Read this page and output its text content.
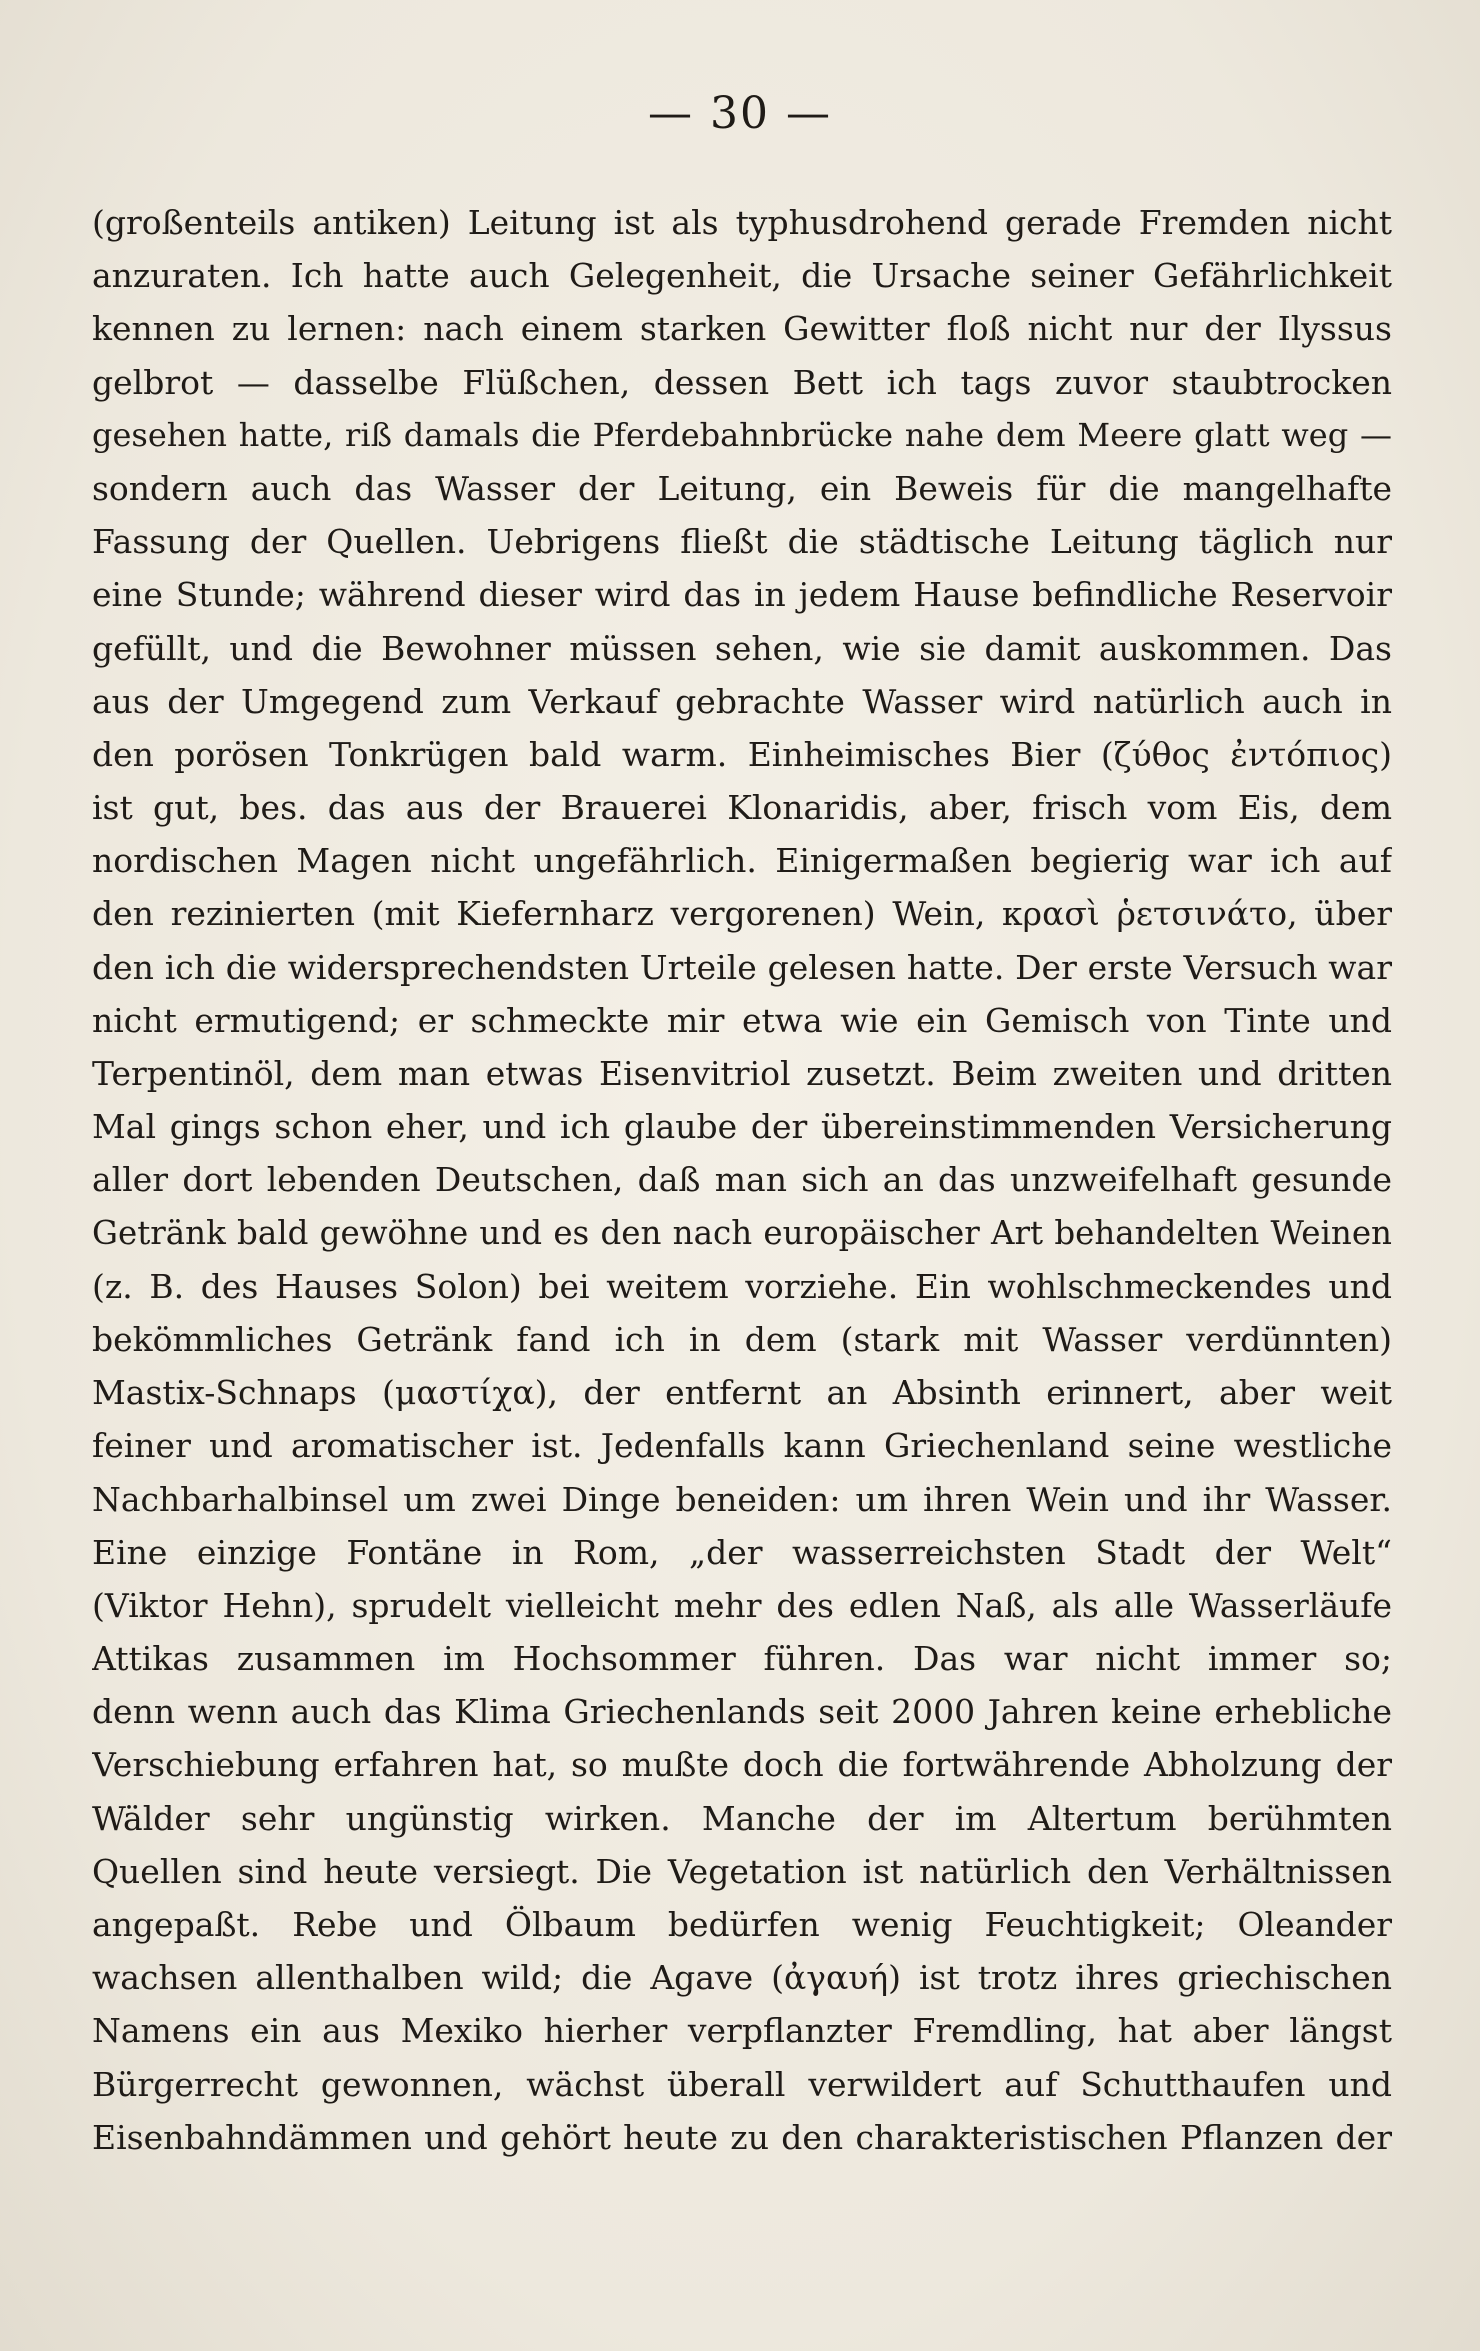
— 30 —
(großenteils antiken) Leitung ist als typhusdrohend gerade Fremden nicht
anzuraten. Ich hatte auch Gelegenheit, die Ursache seiner Gefährlichkeit
kennen zu lernen: nach einem starken Gewitter floß nicht nur der Ilyssus
gelbrot — dasselbe Flüßchen, dessen Bett ich tags zuvor staubtrocken
gesehen hatte, riß damals die Pferdebahnbrücke nahe dem Meere glatt weg —
sondern auch das Wasser der Leitung, ein Beweis für die mangelhafte
Fassung der Quellen. Uebrigens fließt die städtische Leitung täglich nur
eine Stunde; während dieser wird das in jedem Hause befindliche Reservoir
gefüllt, und die Bewohner müssen sehen, wie sie damit auskommen. Das
aus der Umgegend zum Verkauf gebrachte Wasser wird natürlich auch in
den porösen Tonkrügen bald warm. Einheimisches Bier (ζύθος ἐντόπιος)
ist gut, bes. das aus der Brauerei Klonaridis, aber, frisch vom Eis, dem
nordischen Magen nicht ungefährlich. Einigermaßen begierig war ich auf
den rezinierten (mit Kiefernharz vergorenen) Wein, κρασὶ ῥετσινάτο, über
den ich die widersprechendsten Urteile gelesen hatte. Der erste Versuch war
nicht ermutigend; er schmeckte mir etwa wie ein Gemisch von Tinte und
Terpentinöl, dem man etwas Eisenvitriol zusetzt. Beim zweiten und dritten
Mal gings schon eher, und ich glaube der übereinstimmenden Versicherung
aller dort lebenden Deutschen, daß man sich an das unzweifelhaft gesunde
Getränk bald gewöhne und es den nach europäischer Art behandelten Weinen
(z. B. des Hauses Solon) bei weitem vorziehe. Ein wohlschmeckendes und
bekömmliches Getränk fand ich in dem (stark mit Wasser verdünnten)
Mastix-Schnaps (μαστίχα), der entfernt an Absinth erinnert, aber weit
feiner und aromatischer ist. Jedenfalls kann Griechenland seine westliche
Nachbarhalbinsel um zwei Dinge beneiden: um ihren Wein und ihr Wasser.
Eine einzige Fontäne in Rom, „der wasserreichsten Stadt der Welt“
(Viktor Hehn), sprudelt vielleicht mehr des edlen Naß, als alle Wasserläufe
Attikas zusammen im Hochsommer führen. Das war nicht immer so;
denn wenn auch das Klima Griechenlands seit 2000 Jahren keine erhebliche
Verschiebung erfahren hat, so mußte doch die fortwährende Abholzung der
Wälder sehr ungünstig wirken. Manche der im Altertum berühmten
Quellen sind heute versiegt. Die Vegetation ist natürlich den Verhältnissen
angepaßt. Rebe und Ölbaum bedürfen wenig Feuchtigkeit; Oleander
wachsen allenthalben wild; die Agave (ἀγαυή) ist trotz ihres griechischen
Namens ein aus Mexiko hierher verpflanzter Fremdling, hat aber längst
Bürgerrecht gewonnen, wächst überall verwildert auf Schutthaufen und
Eisenbahndämmen und gehört heute zu den charakteristischen Pflanzen der
